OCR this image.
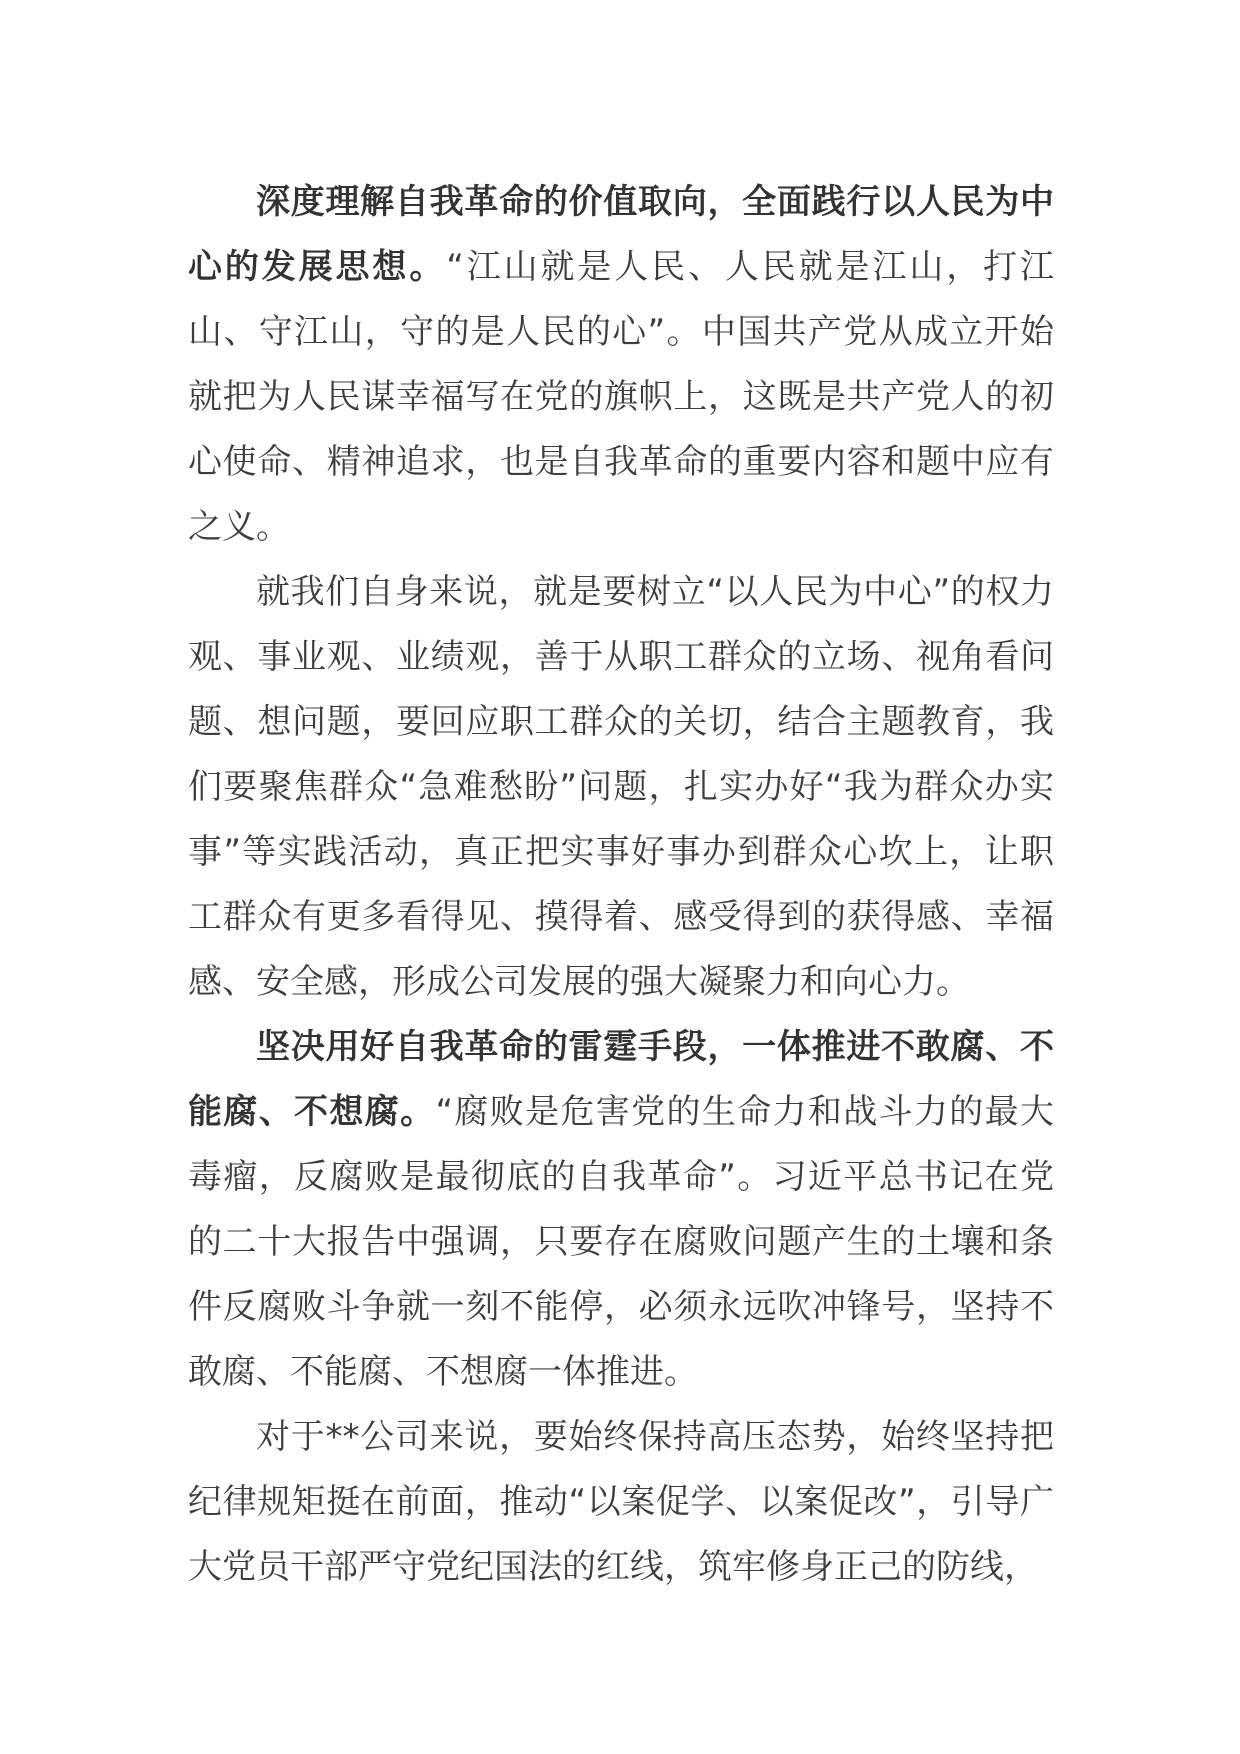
深度理解自我革命的价值取向，全面践行以人民为中心的发展思想。“江山就是人民、人民就是江山，打江山、守江山，守的是人民的心”。中国共产党从成立开始就把为人民谋幸福写在党的旗帜上，这既是共产党人的初心使命、精神追求，也是自我革命的重要内容和题中应有之义。

就我们自身来说，就是要树立“以人民为中心”的权力观、事业观、业绩观，善于从职工群众的立场、视角看问题、想问题，要回应职工群众的关切，结合主题教育，我们要聚焦群众“急难愁盼”问题，扎实办好“我为群众办实事”等实践活动，真正把实事好事办到群众心坎上，让职工群众有更多看得见、摸得着、感受得到的获得感、幸福感、安全感，形成公司发展的强大凝聚力和向心力。

坚决用好自我革命的雷霆手段，一体推进不敢腐、不能腐、不想腐。“腐败是危害党的生命力和战斗力的最大毒瘤，反腐败是最彻底的自我革命”。习近平总书记在党的二十大报告中强调，只要存在腐败问题产生的土壤和条件反腐败斗争就一刻不能停，必须永远吹冲锋号，坚持不敢腐、不能腐、不想腐一体推进。

对于**公司来说，要始终保持高压态势，始终坚持把纪律规矩挺在前面，推动“以案促学、以案促改”，引导广大党员干部严守党纪国法的红线，筑牢修身正己的防线，
